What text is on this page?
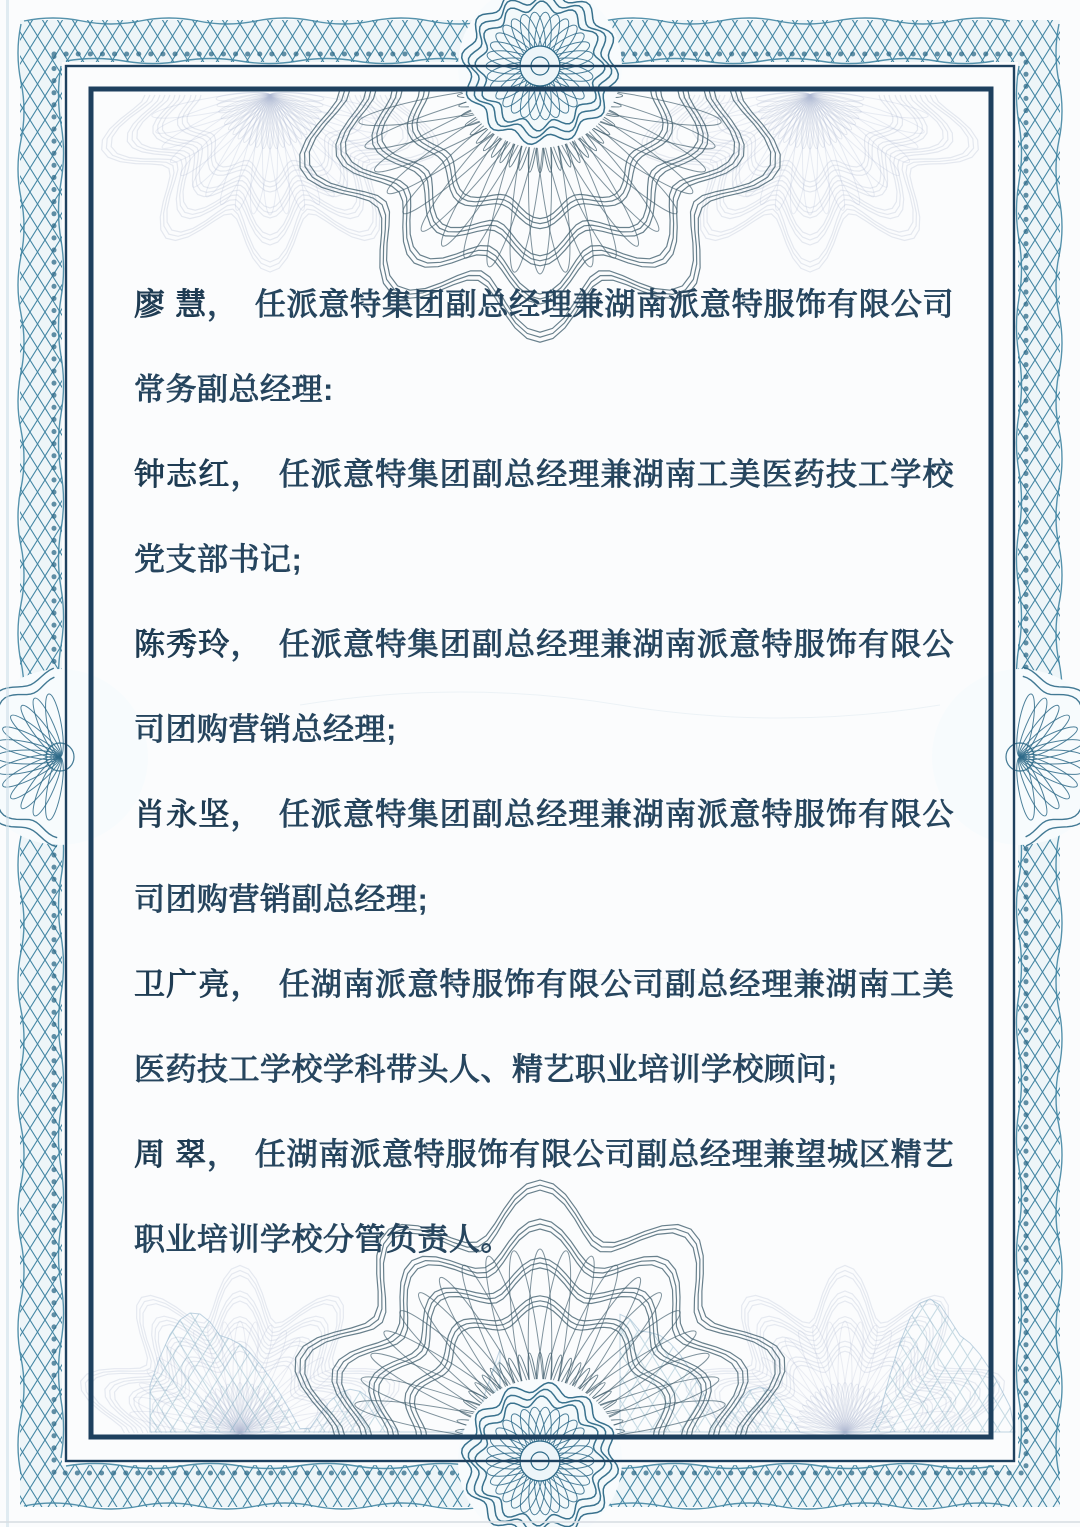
廖 慧， 任派意特集团副总经理兼湖南派意特服饰有限公司常务副总经理:

钟志红， 任派意特集团副总经理兼湖南工美医药技工学校党支部书记;

陈秀玲， 任派意特集团副总经理兼湖南派意特服饰有限公司团购营销总经理;

肖永坚， 任派意特集团副总经理兼湖南派意特服饰有限公司团购营销副总经理;

卫广亮， 任湖南派意特服饰有限公司副总经理兼湖南工美医药技工学校学科带头人、精艺职业培训学校顾问;

周 翠， 任湖南派意特服饰有限公司副总经理兼望城区精艺职业培训学校分管负责人。
